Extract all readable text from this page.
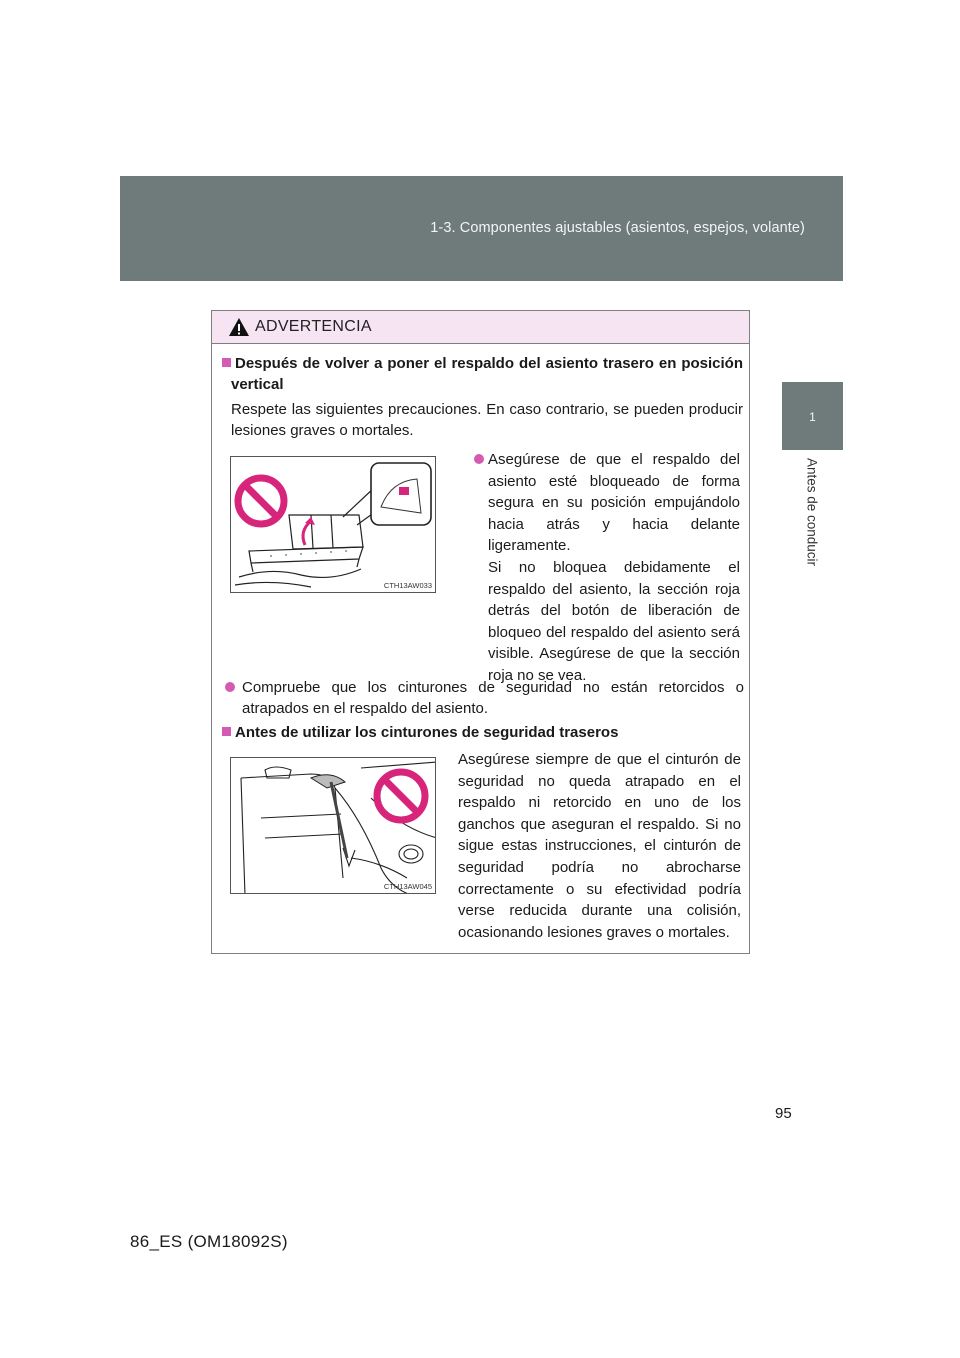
1-3. Componentes ajustables (asientos, espejos, volante)
1
Antes de conducir
ADVERTENCIA
Después de volver a poner el respaldo del asiento trasero en posición
vertical
Respete las siguientes precauciones. En caso contrario, se pueden producir
lesiones graves o mortales.
CTH13AW033
Asegúrese de que el respaldo del
asiento esté bloqueado de forma
segura en su posición empujándolo
hacia atrás y hacia delante
ligeramente.
Si no bloquea debidamente el
respaldo del asiento, la sección roja
detrás del botón de liberación de
bloqueo del respaldo del asiento será
visible. Asegúrese de que la sección
roja no se vea.
Compruebe que los cinturones de seguridad no están retorcidos o
atrapados en el respaldo del asiento.
Antes de utilizar los cinturones de seguridad traseros
CTH13AW045
Asegúrese siempre de que el cinturón de
seguridad no queda atrapado en el
respaldo ni retorcido en uno de los
ganchos que aseguran el respaldo. Si no
sigue estas instrucciones, el cinturón de
seguridad podría no abrocharse
correctamente o su efectividad podría
verse reducida durante una colisión,
ocasionando lesiones graves o mortales.
95
86_ES (OM18092S)
